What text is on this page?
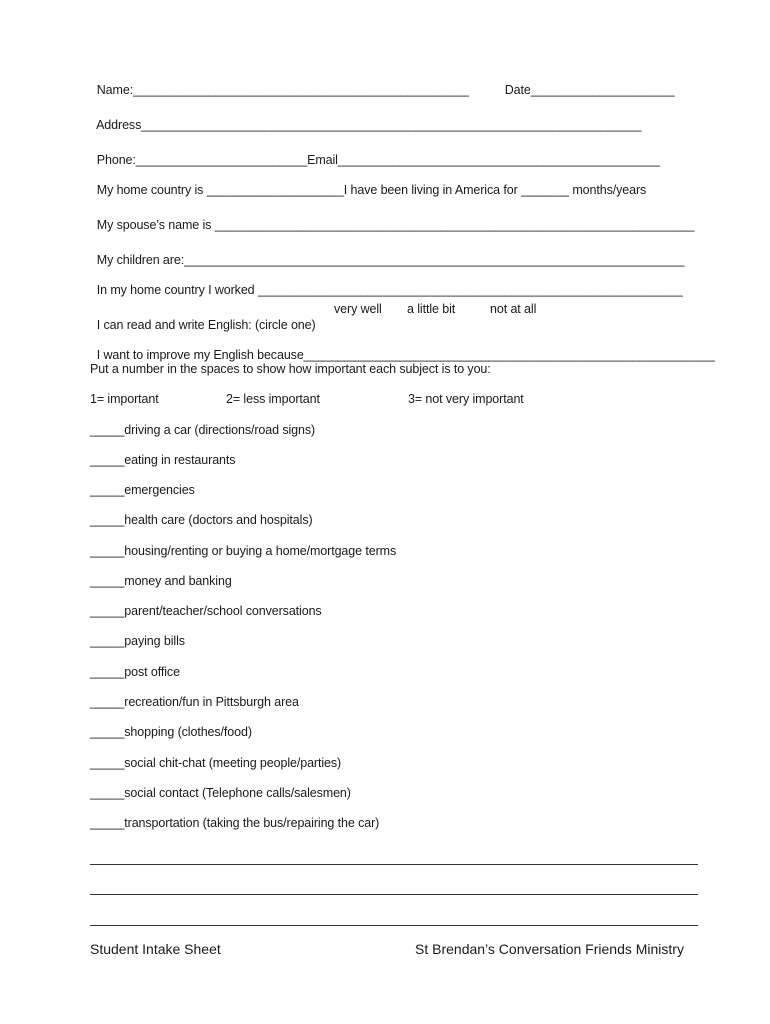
Name:_________________________________________________	Date_____________________

Address_________________________________________________________________________

Phone:_________________________Email_______________________________________________

My home country is ____________________I have been living in America for _______ months/years

My spouse’s name is ______________________________________________________________________

My children are:_________________________________________________________________________

In my home country I worked ______________________________________________________________

I can read and write English: (circle one)

very well a little bit	not at all

I want to improve my English because____________________________________________________________

Put a number in the spaces to show how important each subject is to you:
1= important	2= less important	3= not very important
_____driving a car (directions/road signs)
_____eating in restaurants
_____emergencies
_____health care (doctors and hospitals)
_____housing/renting or buying a home/mortgage terms
_____money and banking
_____parent/teacher/school conversations
_____paying bills
_____post office
_____recreation/fun in Pittsburgh area
_____shopping (clothes/food)
_____social chit-chat (meeting people/parties)
_____social contact (Telephone calls/salesmen)
_____transportation (taking the bus/repairing the car)
Student Intake Sheet	St Brendan’s Conversation Friends Ministry
